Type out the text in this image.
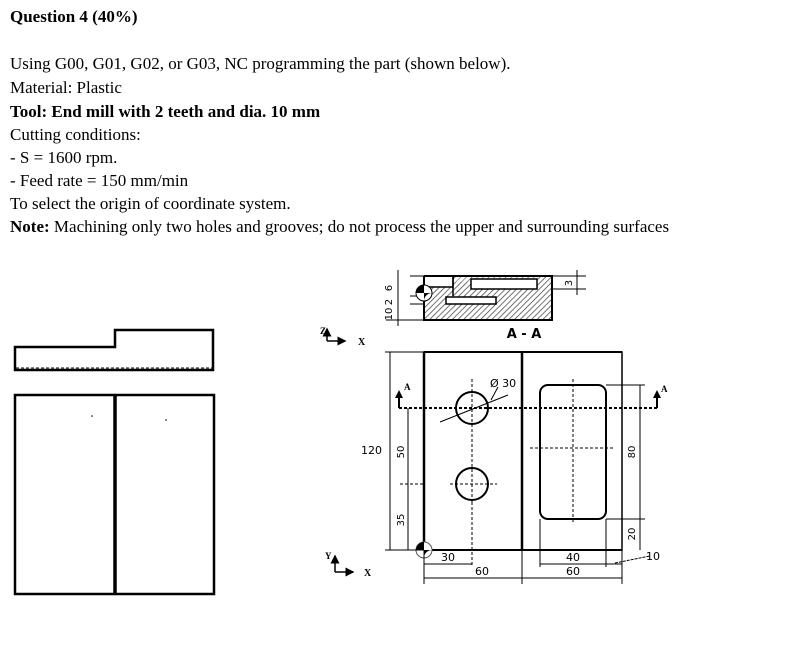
Question 4 (40%)
Using G00, G01, G02, or G03, NC programming the part (shown below).
Material: Plastic
Tool: End mill with 2 teeth and dia. 10 mm
Cutting conditions:
- S = 1600 rpm.
- Feed rate = 150 mm/min
To select the origin of coordinate system.
Note: Machining only two holes and grooves; do not process the upper and surrounding surfaces
6
2
10
3
A - A
Z
X
A	A
Ø 30
120 50
35
80
20
30
60
40	10
60
Y
X
